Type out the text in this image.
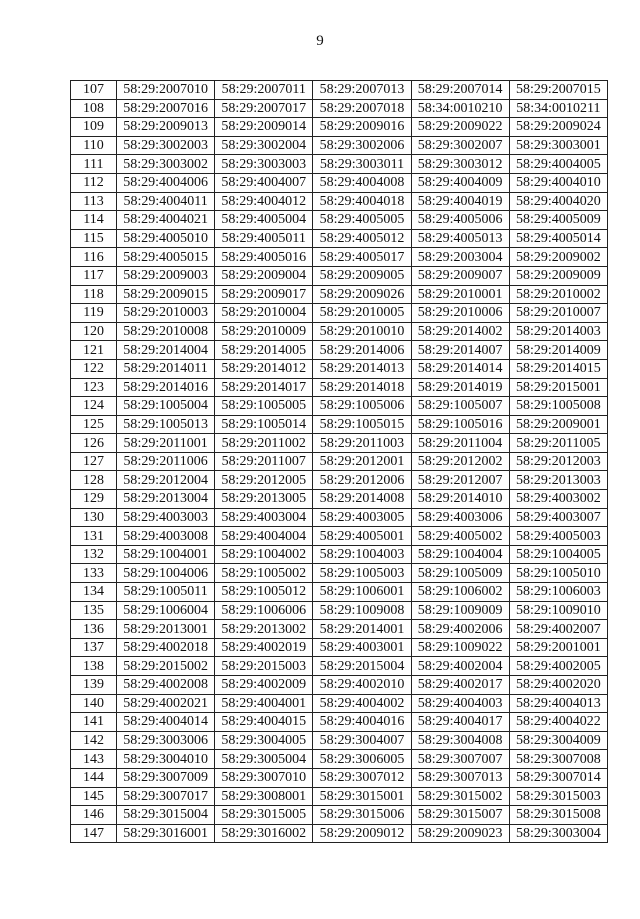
9
107	58:29:2007010	58:29:2007011	58:29:2007013	58:29:2007014	58:29:2007015
108	58:29:2007016	58:29:2007017	58:29:2007018	58:34:0010210	58:34:0010211
109	58:29:2009013	58:29:2009014	58:29:2009016	58:29:2009022	58:29:2009024
110	58:29:3002003	58:29:3002004	58:29:3002006	58:29:3002007	58:29:3003001
111	58:29:3003002	58:29:3003003	58:29:3003011	58:29:3003012	58:29:4004005
112	58:29:4004006	58:29:4004007	58:29:4004008	58:29:4004009	58:29:4004010
113	58:29:4004011	58:29:4004012	58:29:4004018	58:29:4004019	58:29:4004020
114	58:29:4004021	58:29:4005004	58:29:4005005	58:29:4005006	58:29:4005009
115	58:29:4005010	58:29:4005011	58:29:4005012	58:29:4005013	58:29:4005014
116	58:29:4005015	58:29:4005016	58:29:4005017	58:29:2003004	58:29:2009002
117	58:29:2009003	58:29:2009004	58:29:2009005	58:29:2009007	58:29:2009009
118	58:29:2009015	58:29:2009017	58:29:2009026	58:29:2010001	58:29:2010002
119	58:29:2010003	58:29:2010004	58:29:2010005	58:29:2010006	58:29:2010007
120	58:29:2010008	58:29:2010009	58:29:2010010	58:29:2014002	58:29:2014003
121	58:29:2014004	58:29:2014005	58:29:2014006	58:29:2014007	58:29:2014009
122	58:29:2014011	58:29:2014012	58:29:2014013	58:29:2014014	58:29:2014015
123	58:29:2014016	58:29:2014017	58:29:2014018	58:29:2014019	58:29:2015001
124	58:29:1005004	58:29:1005005	58:29:1005006	58:29:1005007	58:29:1005008
125	58:29:1005013	58:29:1005014	58:29:1005015	58:29:1005016	58:29:2009001
126	58:29:2011001	58:29:2011002	58:29:2011003	58:29:2011004	58:29:2011005
127	58:29:2011006	58:29:2011007	58:29:2012001	58:29:2012002	58:29:2012003
128	58:29:2012004	58:29:2012005	58:29:2012006	58:29:2012007	58:29:2013003
129	58:29:2013004	58:29:2013005	58:29:2014008	58:29:2014010	58:29:4003002
130	58:29:4003003	58:29:4003004	58:29:4003005	58:29:4003006	58:29:4003007
131	58:29:4003008	58:29:4004004	58:29:4005001	58:29:4005002	58:29:4005003
132	58:29:1004001	58:29:1004002	58:29:1004003	58:29:1004004	58:29:1004005
133	58:29:1004006	58:29:1005002	58:29:1005003	58:29:1005009	58:29:1005010
134	58:29:1005011	58:29:1005012	58:29:1006001	58:29:1006002	58:29:1006003
135	58:29:1006004	58:29:1006006	58:29:1009008	58:29:1009009	58:29:1009010
136	58:29:2013001	58:29:2013002	58:29:2014001	58:29:4002006	58:29:4002007
137	58:29:4002018	58:29:4002019	58:29:4003001	58:29:1009022	58:29:2001001
138	58:29:2015002	58:29:2015003	58:29:2015004	58:29:4002004	58:29:4002005
139	58:29:4002008	58:29:4002009	58:29:4002010	58:29:4002017	58:29:4002020
140	58:29:4002021	58:29:4004001	58:29:4004002	58:29:4004003	58:29:4004013
141	58:29:4004014	58:29:4004015	58:29:4004016	58:29:4004017	58:29:4004022
142	58:29:3003006	58:29:3004005	58:29:3004007	58:29:3004008	58:29:3004009
143	58:29:3004010	58:29:3005004	58:29:3006005	58:29:3007007	58:29:3007008
144	58:29:3007009	58:29:3007010	58:29:3007012	58:29:3007013	58:29:3007014
145	58:29:3007017	58:29:3008001	58:29:3015001	58:29:3015002	58:29:3015003
146	58:29:3015004	58:29:3015005	58:29:3015006	58:29:3015007	58:29:3015008
147	58:29:3016001	58:29:3016002	58:29:2009012	58:29:2009023	58:29:3003004
